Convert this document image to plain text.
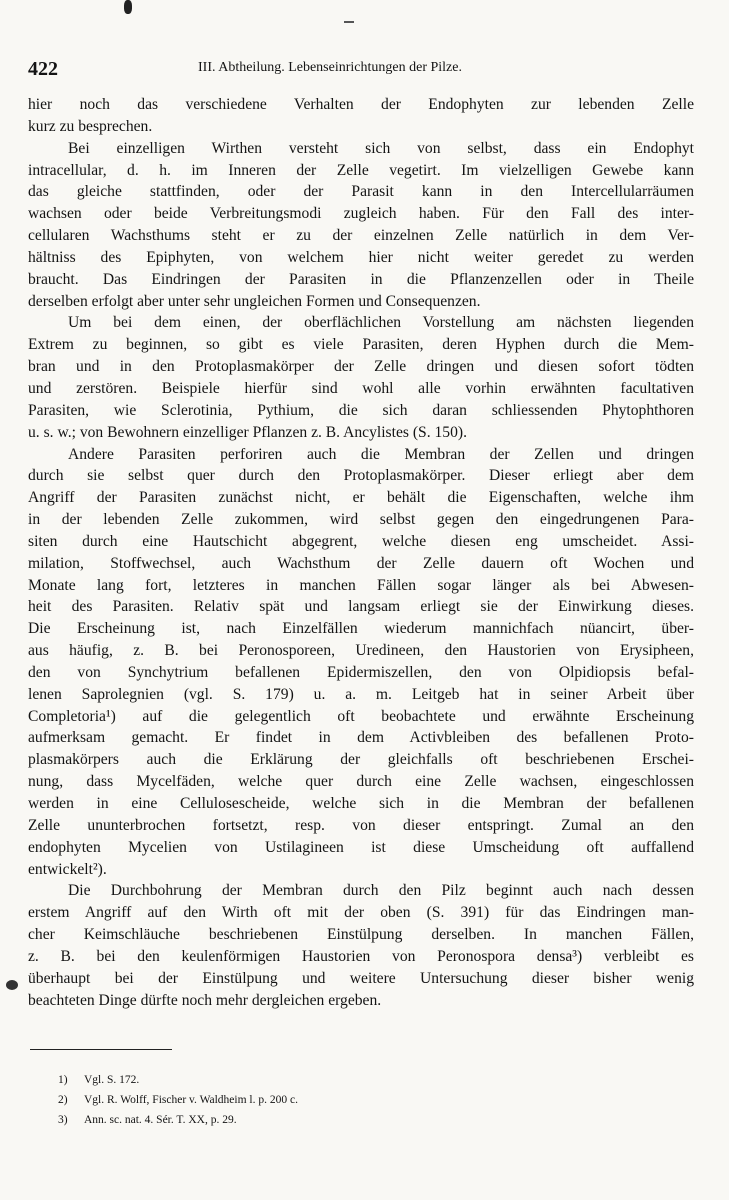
422	III. Abtheilung. Lebenseinrichtungen der Pilze.
hier noch das verschiedene Verhalten der Endophyten zur lebenden Zelle
kurz zu besprechen.
Bei einzelligen Wirthen versteht sich von selbst, dass ein Endophyt
intracellular, d. h. im Inneren der Zelle vegetirt. Im vielzelligen Gewebe kann
das gleiche stattfinden, oder der Parasit kann in den Intercellularräumen
wachsen oder beide Verbreitungsmodi zugleich haben. Für den Fall des inter-
cellularen Wachsthums steht er zu der einzelnen Zelle natürlich in dem Ver-
hältniss des Epiphyten, von welchem hier nicht weiter geredet zu werden
braucht. Das Eindringen der Parasiten in die Pflanzenzellen oder in Theile
derselben erfolgt aber unter sehr ungleichen Formen und Consequenzen.
Um bei dem einen, der oberflächlichen Vorstellung am nächsten liegenden
Extrem zu beginnen, so gibt es viele Parasiten, deren Hyphen durch die Mem-
bran und in den Protoplasmakörper der Zelle dringen und diesen sofort tödten
und zerstören. Beispiele hierfür sind wohl alle vorhin erwähnten facultativen
Parasiten, wie Sclerotinia, Pythium, die sich daran schliessenden Phytophthoren
u. s. w.; von Bewohnern einzelliger Pflanzen z. B. Ancylistes (S. 150).
Andere Parasiten perforiren auch die Membran der Zellen und dringen
durch sie selbst quer durch den Protoplasmakörper. Dieser erliegt aber dem
Angriff der Parasiten zunächst nicht, er behält die Eigenschaften, welche ihm
in der lebenden Zelle zukommen, wird selbst gegen den eingedrungenen Para-
siten durch eine Hautschicht abgegrent, welche diesen eng umscheidet. Assi-
milation, Stoffwechsel, auch Wachsthum der Zelle dauern oft Wochen und
Monate lang fort, letzteres in manchen Fällen sogar länger als bei Abwesen-
heit des Parasiten. Relativ spät und langsam erliegt sie der Einwirkung dieses.
Die Erscheinung ist, nach Einzelfällen wiederum mannichfach nüancirt, über-
aus häufig, z. B. bei Peronosporeen, Uredineen, den Haustorien von Erysipheen,
den von Synchytrium befallenen Epidermiszellen, den von Olpidiopsis befal-
lenen Saprolegnien (vgl. S. 179) u. a. m. Leitgeb hat in seiner Arbeit über
Completoria¹) auf die gelegentlich oft beobachtete und erwähnte Erscheinung
aufmerksam gemacht. Er findet in dem Activbleiben des befallenen Proto-
plasmakörpers auch die Erklärung der gleichfalls oft beschriebenen Erschei-
nung, dass Mycelfäden, welche quer durch eine Zelle wachsen, eingeschlossen
werden in eine Cellulosescheide, welche sich in die Membran der befallenen
Zelle ununterbrochen fortsetzt, resp. von dieser entspringt. Zumal an den
endophyten Mycelien von Ustilagineen ist diese Umscheidung oft auffallend
entwickelt²).
Die Durchbohrung der Membran durch den Pilz beginnt auch nach dessen
erstem Angriff auf den Wirth oft mit der oben (S. 391) für das Eindringen man-
cher Keimschläuche beschriebenen Einstülpung derselben. In manchen Fällen,
z. B. bei den keulenförmigen Haustorien von Peronospora densa³) verbleibt es
überhaupt bei der Einstülpung und weitere Untersuchung dieser bisher wenig
beachteten Dinge dürfte noch mehr dergleichen ergeben.
1) Vgl. S. 172.
2) Vgl. R. Wolff, Fischer v. Waldheim l. p. 200 c.
3) Ann. sc. nat. 4. Sér. T. XX, p. 29.
